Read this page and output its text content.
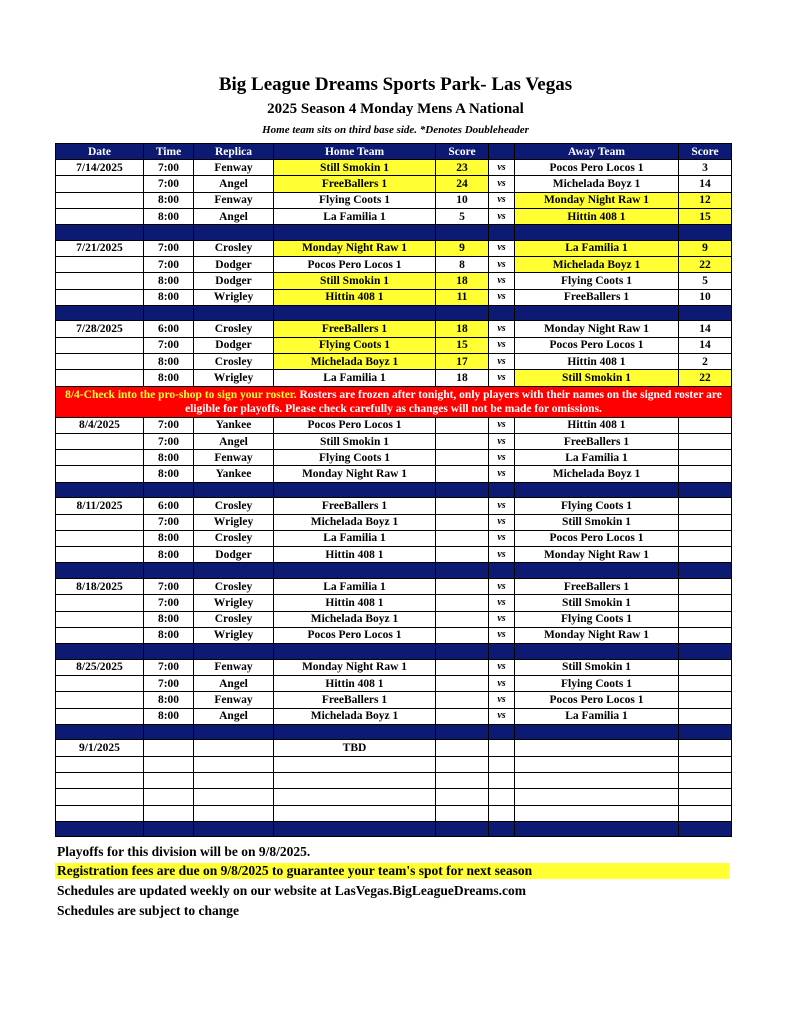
Big League Dreams Sports Park- Las Vegas
2025 Season 4 Monday Mens A National
Home team sits on third base side. *Denotes Doubleheader
Date	Time	Replica	Home Team	Score		Away Team	Score
7/14/2025	7:00	Fenway	Still Smokin 1	23	vs	Pocos Pero Locos 1	3
	7:00	Angel	FreeBallers 1	24	vs	Michelada Boyz 1	14
	8:00	Fenway	Flying Coots 1	10	vs	Monday Night Raw 1	12
	8:00	Angel	La Familia 1	5	vs	Hittin 408 1	15

7/21/2025	7:00	Crosley	Monday Night Raw 1	9	vs	La Familia 1	9
	7:00	Dodger	Pocos Pero Locos 1	8	vs	Michelada Boyz 1	22
	8:00	Dodger	Still Smokin 1	18	vs	Flying Coots 1	5
	8:00	Wrigley	Hittin 408 1	11	vs	FreeBallers 1	10

7/28/2025	6:00	Crosley	FreeBallers 1	18	vs	Monday Night Raw 1	14
	7:00	Dodger	Flying Coots 1	15	vs	Pocos Pero Locos 1	14
	8:00	Crosley	Michelada Boyz 1	17	vs	Hittin 408 1	2
	8:00	Wrigley	La Familia 1	18	vs	Still Smokin 1	22
8/4-Check into the pro-shop to sign your roster. Rosters are frozen after tonight, only players with their names on the signed roster are eligible for playoffs. Please check carefully as changes will not be made for omissions.							
8/4/2025	7:00	Yankee	Pocos Pero Locos 1		vs	Hittin 408 1	
	7:00	Angel	Still Smokin 1		vs	FreeBallers 1	
	8:00	Fenway	Flying Coots 1		vs	La Familia 1	
	8:00	Yankee	Monday Night Raw 1		vs	Michelada Boyz 1	

8/11/2025	6:00	Crosley	FreeBallers 1		vs	Flying Coots 1	
	7:00	Wrigley	Michelada Boyz 1		vs	Still Smokin 1	
	8:00	Crosley	La Familia 1		vs	Pocos Pero Locos 1	
	8:00	Dodger	Hittin 408 1		vs	Monday Night Raw 1	

8/18/2025	7:00	Crosley	La Familia 1		vs	FreeBallers 1	
	7:00	Wrigley	Hittin 408 1		vs	Still Smokin 1	
	8:00	Crosley	Michelada Boyz 1		vs	Flying Coots 1	
	8:00	Wrigley	Pocos Pero Locos 1		vs	Monday Night Raw 1	

8/25/2025	7:00	Fenway	Monday Night Raw 1		vs	Still Smokin 1	
	7:00	Angel	Hittin 408 1		vs	Flying Coots 1	
	8:00	Fenway	FreeBallers 1		vs	Pocos Pero Locos 1	
	8:00	Angel	Michelada Boyz 1		vs	La Familia 1	

9/1/2025			TBD				

Playoffs for this division will be on 9/8/2025.
Registration fees are due on 9/8/2025 to guarantee your team's spot for next season
Schedules are updated weekly on our website at LasVegas.BigLeagueDreams.com
Schedules are subject to change
